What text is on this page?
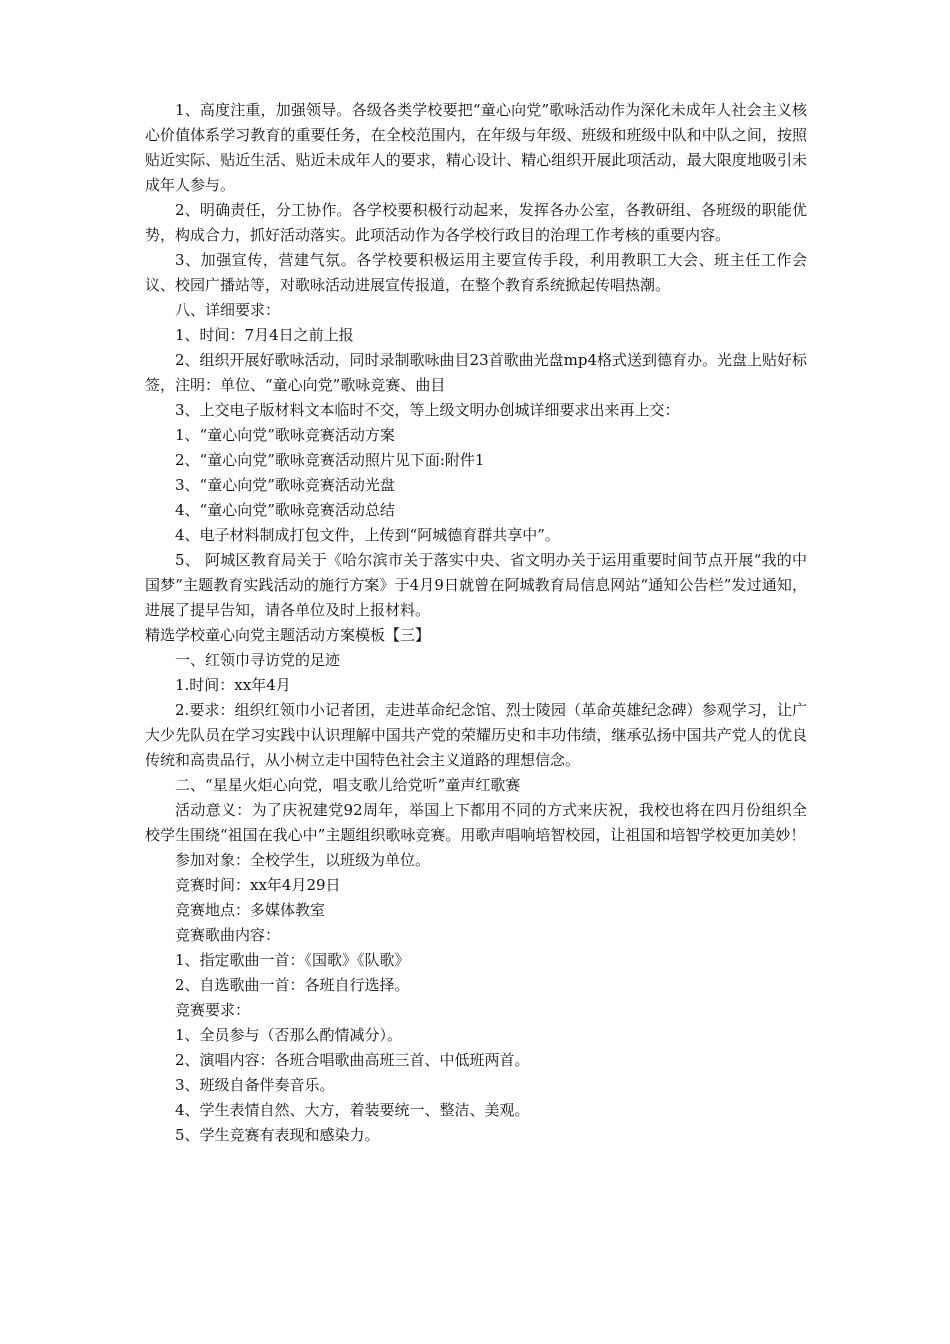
1、高度注重，加强领导。各级各类学校要把“童心向党”歌咏活动作为深化未成年人社会主义核心价值体系学习教育的重要任务，在全校范围内，在年级与年级、班级和班级中队和中队之间，按照贴近实际、贴近生活、贴近未成年人的要求，精心设计、精心组织开展此项活动，最大限度地吸引未成年人参与。

2、明确责任，分工协作。各学校要积极行动起来，发挥各办公室，各教研组、各班级的职能优势，构成合力，抓好活动落实。此项活动作为各学校行政目的治理工作考核的重要内容。

3、加强宣传，营建气氛。各学校要积极运用主要宣传手段，利用教职工大会、班主任工作会议、校园广播站等，对歌咏活动进展宣传报道，在整个教育系统掀起传唱热潮。

八、详细要求：

1、时间：7月4日之前上报

2、组织开展好歌咏活动，同时录制歌咏曲目23首歌曲光盘mp4格式送到德育办。光盘上贴好标签，注明：单位、“童心向党”歌咏竞赛、曲目

3、上交电子版材料文本临时不交，等上级文明办创城详细要求出来再上交：

1、“童心向党”歌咏竞赛活动方案

2、“童心向党”歌咏竞赛活动照片见下面:附件1

3、“童心向党”歌咏竞赛活动光盘

4、“童心向党”歌咏竞赛活动总结

4、电子材料制成打包文件，上传到“阿城德育群共享中”。

5、 阿城区教育局关于《哈尔滨市关于落实中央、省文明办关于运用重要时间节点开展“我的中国梦”主题教育实践活动的施行方案》于4月9日就曾在阿城教育局信息网站“通知公告栏”发过通知，进展了提早告知，请各单位及时上报材料。

精选学校童心向党主题活动方案模板【三】

一、红领巾寻访党的足迹

1.时间：xx年4月

2.要求：组织红领巾小记者团，走进革命纪念馆、烈士陵园（革命英雄纪念碑）参观学习，让广大少先队员在学习实践中认识理解中国共产党的荣耀历史和丰功伟绩，继承弘扬中国共产党人的优良传统和高贵品行，从小树立走中国特色社会主义道路的理想信念。

二、“星星火炬心向党，唱支歌儿给党听”童声红歌赛

活动意义：为了庆祝建党92周年，举国上下都用不同的方式来庆祝，我校也将在四月份组织全校学生围绕“祖国在我心中”主题组织歌咏竞赛。用歌声唱响培智校园，让祖国和培智学校更加美妙！

参加对象：全校学生，以班级为单位。

竞赛时间：xx年4月29日

竞赛地点：多媒体教室

竞赛歌曲内容：

1、指定歌曲一首：《国歌》《队歌》

2、自选歌曲一首：各班自行选择。

竞赛要求：

1、全员参与（否那么酌情减分）。

2、演唱内容：各班合唱歌曲高班三首、中低班两首。

3、班级自备伴奏音乐。

4、学生表情自然、大方，着装要统一、整洁、美观。

5、学生竞赛有表现和感染力。
